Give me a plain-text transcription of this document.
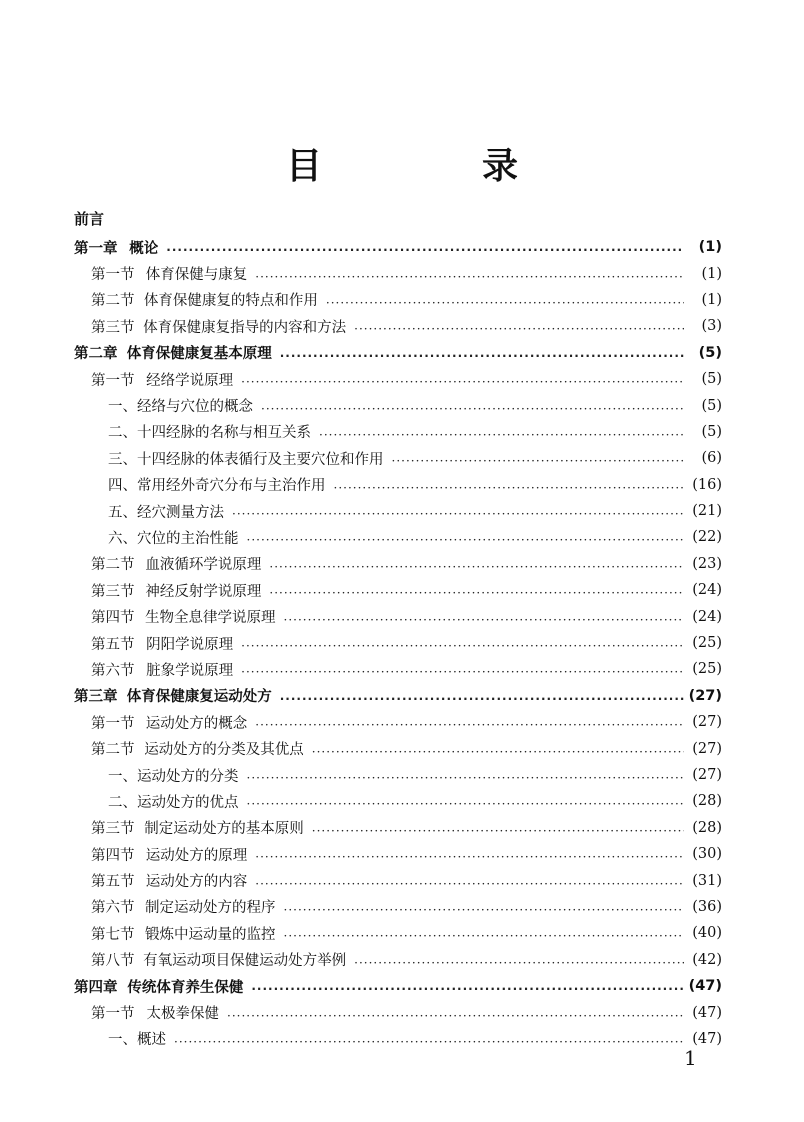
目　录
前言
第一章 概论 ·····	(1)
第一节 体育保健与康复 ·····	(1)
第二节 体育保健康复的特点和作用 ·····	(1)
第三节 体育保健康复指导的内容和方法 ·····	(3)
第二章 体育保健康复基本原理 ·····	(5)
第一节 经络学说原理 ·····	(5)
一、经络与穴位的概念 ·····	(5)
二、十四经脉的名称与相互关系 ·····	(5)
三、十四经脉的体表循行及主要穴位和作用 ·····	(6)
四、常用经外奇穴分布与主治作用 ·····	(16)
五、经穴测量方法 ·····	(21)
六、穴位的主治性能 ·····	(22)
第二节 血液循环学说原理 ·····	(23)
第三节 神经反射学说原理 ·····	(24)
第四节 生物全息律学说原理 ·····	(24)
第五节 阴阳学说原理 ·····	(25)
第六节 脏象学说原理 ·····	(25)
第三章 体育保健康复运动处方 ·····	(27)
第一节 运动处方的概念 ·····	(27)
第二节 运动处方的分类及其优点 ·····	(27)
一、运动处方的分类 ·····	(27)
二、运动处方的优点 ·····	(28)
第三节 制定运动处方的基本原则 ·····	(28)
第四节 运动处方的原理 ·····	(30)
第五节 运动处方的内容 ·····	(31)
第六节 制定运动处方的程序 ·····	(36)
第七节 锻炼中运动量的监控 ·····	(40)
第八节 有氧运动项目保健运动处方举例 ·····	(42)
第四章 传统体育养生保健 ·····	(47)
第一节 太极拳保健 ·····	(47)
一、概述 ·····	(47)
1
